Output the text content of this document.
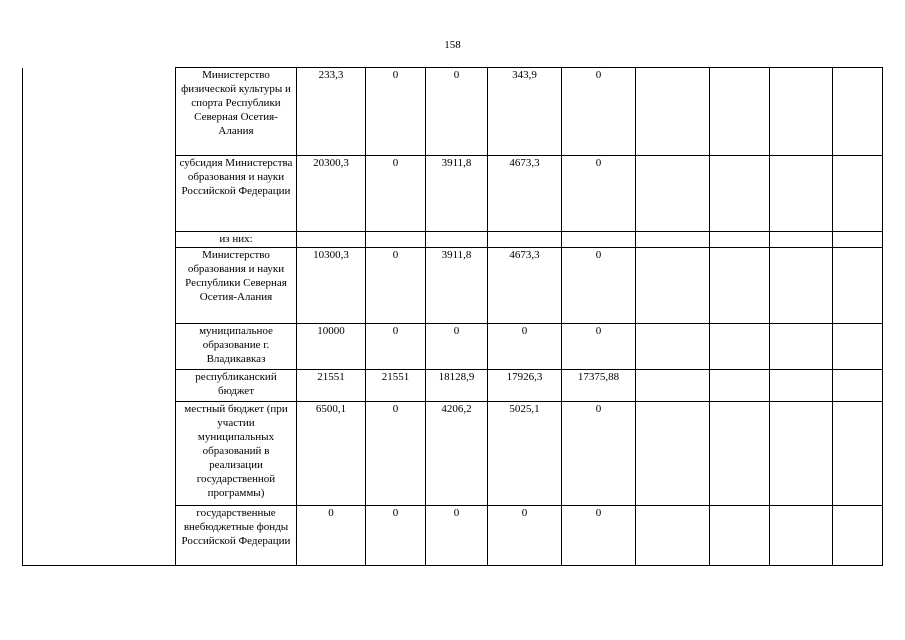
158
	Министерство физической культуры и спорта Республики Северная Осетия-Алания	233,3	0	0	343,9	0				
	субсидия Министерства образования и науки Российской Федерации	20300,3	0	3911,8	4673,3	0				
	из них:									
	Министерство образования и науки Республики Северная Осетия-Алания	10300,3	0	3911,8	4673,3	0				
	муниципальное образование г. Владикавказ	10000	0	0	0	0				
	республиканский бюджет	21551	21551	18128,9	17926,3	17375,88				
	местный бюджет (при участии муниципальных образований в реализации государственной программы)	6500,1	0	4206,2	5025,1	0				
	государственные внебюджетные фонды Российской Федерации	0	0	0	0	0				
